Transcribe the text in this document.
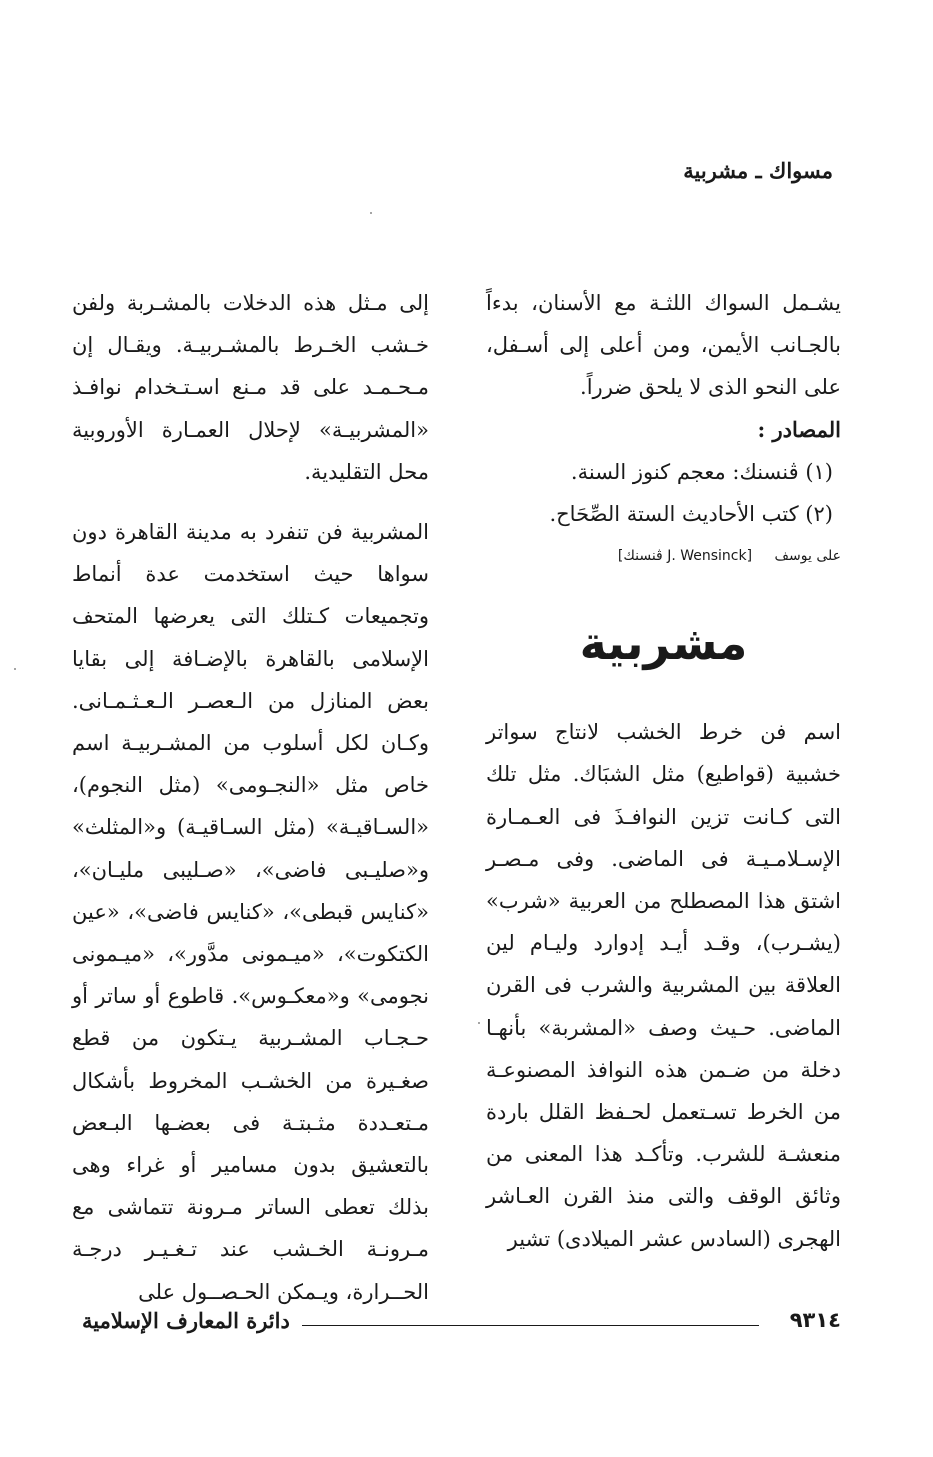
مسواك ـ مشربية

يشـمل السواك اللثـة مع الأسنان، بدءاً بالجـانب الأيمن، ومن أعلى إلى أسـفل، على النحو الذى لا يلحق ضرراً.

المصادر :

(١) ڤنسنك: معجم كنوز السنة.

(٢) كتب الأحاديث الستة الصِّحَاح.

على يوسف [J. Wensinck ڤنسنك]
مشربية

اسم فن خرط الخشب لانتاج سواتر خشبية (قواطيع) مثل الشبَاك. مثل تلك التى كـانت تزين النوافـذَ فى العـمـارة الإسـلامـيـة فى الماضى. وفى مـصـر اشتق هذا المصطلح من العربية «شرب» (يشـرب)، وقـد أيـد إدوارد وليـام لين العلاقة بين المشربية والشرب فى القرن الماضى. حـيث وصف «المشربة» بأنهـا دخلة من ضـمن هذه النوافذ المصنوعـة من الخرط تسـتعمل لحـفظ القلل باردة منعشـة للشرب. وتأكـد هذا المعنى من وثائق الوقف والتى منذ القرن العـاشر الهجرى (السادس عشر الميلادى) تشير

إلى مـثل هذه الدخلات بالمشـربة ولفن خـشب الخـرط بالمشـربيـة. ويقـال إن مـحـمـد على قد مـنع اسـتـخدام نوافـذ «المشربيـة» لإحلال العمـارة الأوروبية محل التقليدية.

المشربية فن تنفرد به مدينة القاهرة دون سواها حيث استخدمت عدة أنماط وتجميعات كـتلك التى يعرضها المتحف الإسلامى بالقاهرة بالإضـافة إلى بقايا بعض المنازل من الـعصـر الـعـثـمـانى. وكـان لكل أسلوب من المشـربيـة اسم خاص مثل «النجـومى» (مثل النجوم)، «السـاقيـة» (مثل السـاقيـة) و«المثلث» و«صليـبى فاضى»، «صـليبى مليـان»، «كنايس قبطى»، «كنايس فاضى»، «عين الكتكوت»، «ميـمونى مدَّور»، «ميـمونى نجومى» و«معكـوس». قاطوع أو ساتر أو حـجـاب المشـربية يـتكون من قطع صغـيرة من الخشـب المخروط بأشكال مـتعـددة مثـبتـة فى بعضـها البـعض بالتعشيق بدون مسامير أو غراء وهى بذلك تعطى الساتر مـرونة تتماشى مع مـرونـة الخـشب عند تـغـيـر درجـة الحــرارة، ويـمكن الحـصــول على

٩٣١٤
دائرة المعارف الإسلامية
